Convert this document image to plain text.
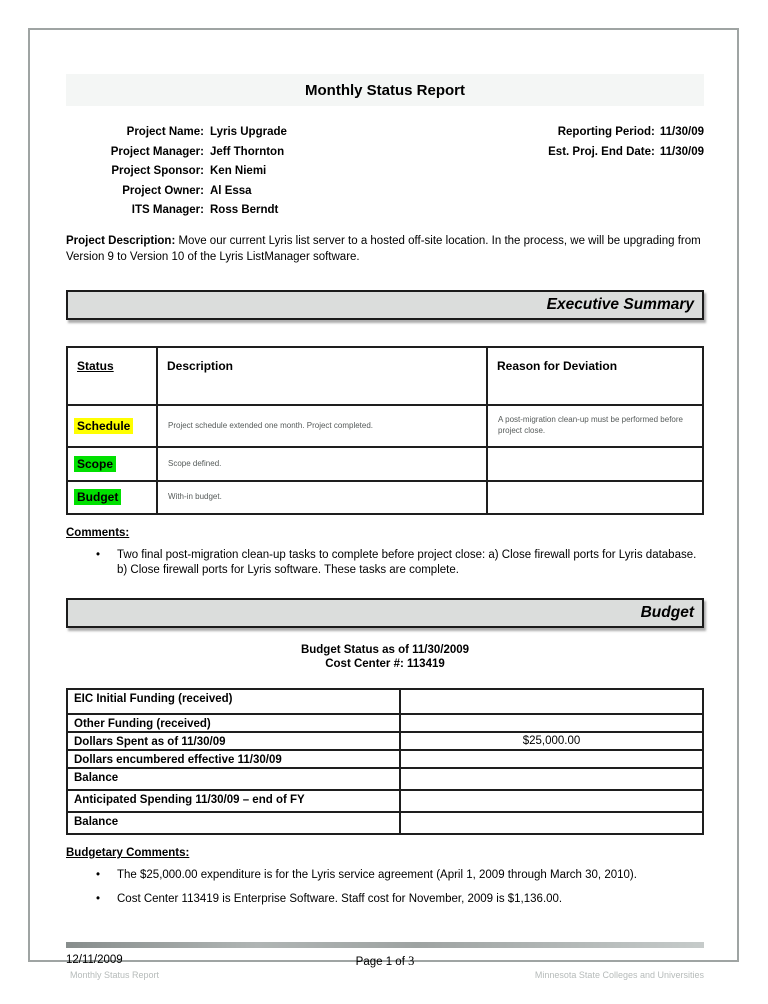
Monthly Status Report
Project Name: Lyris Upgrade
Project Manager: Jeff Thornton
Project Sponsor: Ken Niemi
Project Owner: Al Essa
ITS Manager: Ross Berndt
Reporting Period: 11/30/09
Est. Proj. End Date: 11/30/09
Project Description: Move our current Lyris list server to a hosted off-site location. In the process, we will be upgrading from Version 9 to Version 10 of the Lyris ListManager software.
Executive Summary
Status	Description	Reason for Deviation
Schedule	Project schedule extended one month. Project completed.	A post-migration clean-up must be performed before project close.
Scope	Scope defined.	
Budget	With-in budget.	
Comments:
• Two final post-migration clean-up tasks to complete before project close: a) Close firewall ports for Lyris database. b) Close firewall ports for Lyris software. These tasks are complete.
Budget
Budget Status as of 11/30/2009
Cost Center #: 113419
EIC Initial Funding (received)	
Other Funding (received)	
Dollars Spent as of 11/30/09	$25,000.00
Dollars encumbered effective 11/30/09	
Balance	
Anticipated Spending 11/30/09 – end of FY	
Balance	
Budgetary Comments:
• The $25,000.00 expenditure is for the Lyris service agreement (April 1, 2009 through March 30, 2010).
• Cost Center 113419 is Enterprise Software. Staff cost for November, 2009 is $1,136.00.
12/11/2009	Page 1 of 3
Monthly Status Report	Minnesota State Colleges and Universities
